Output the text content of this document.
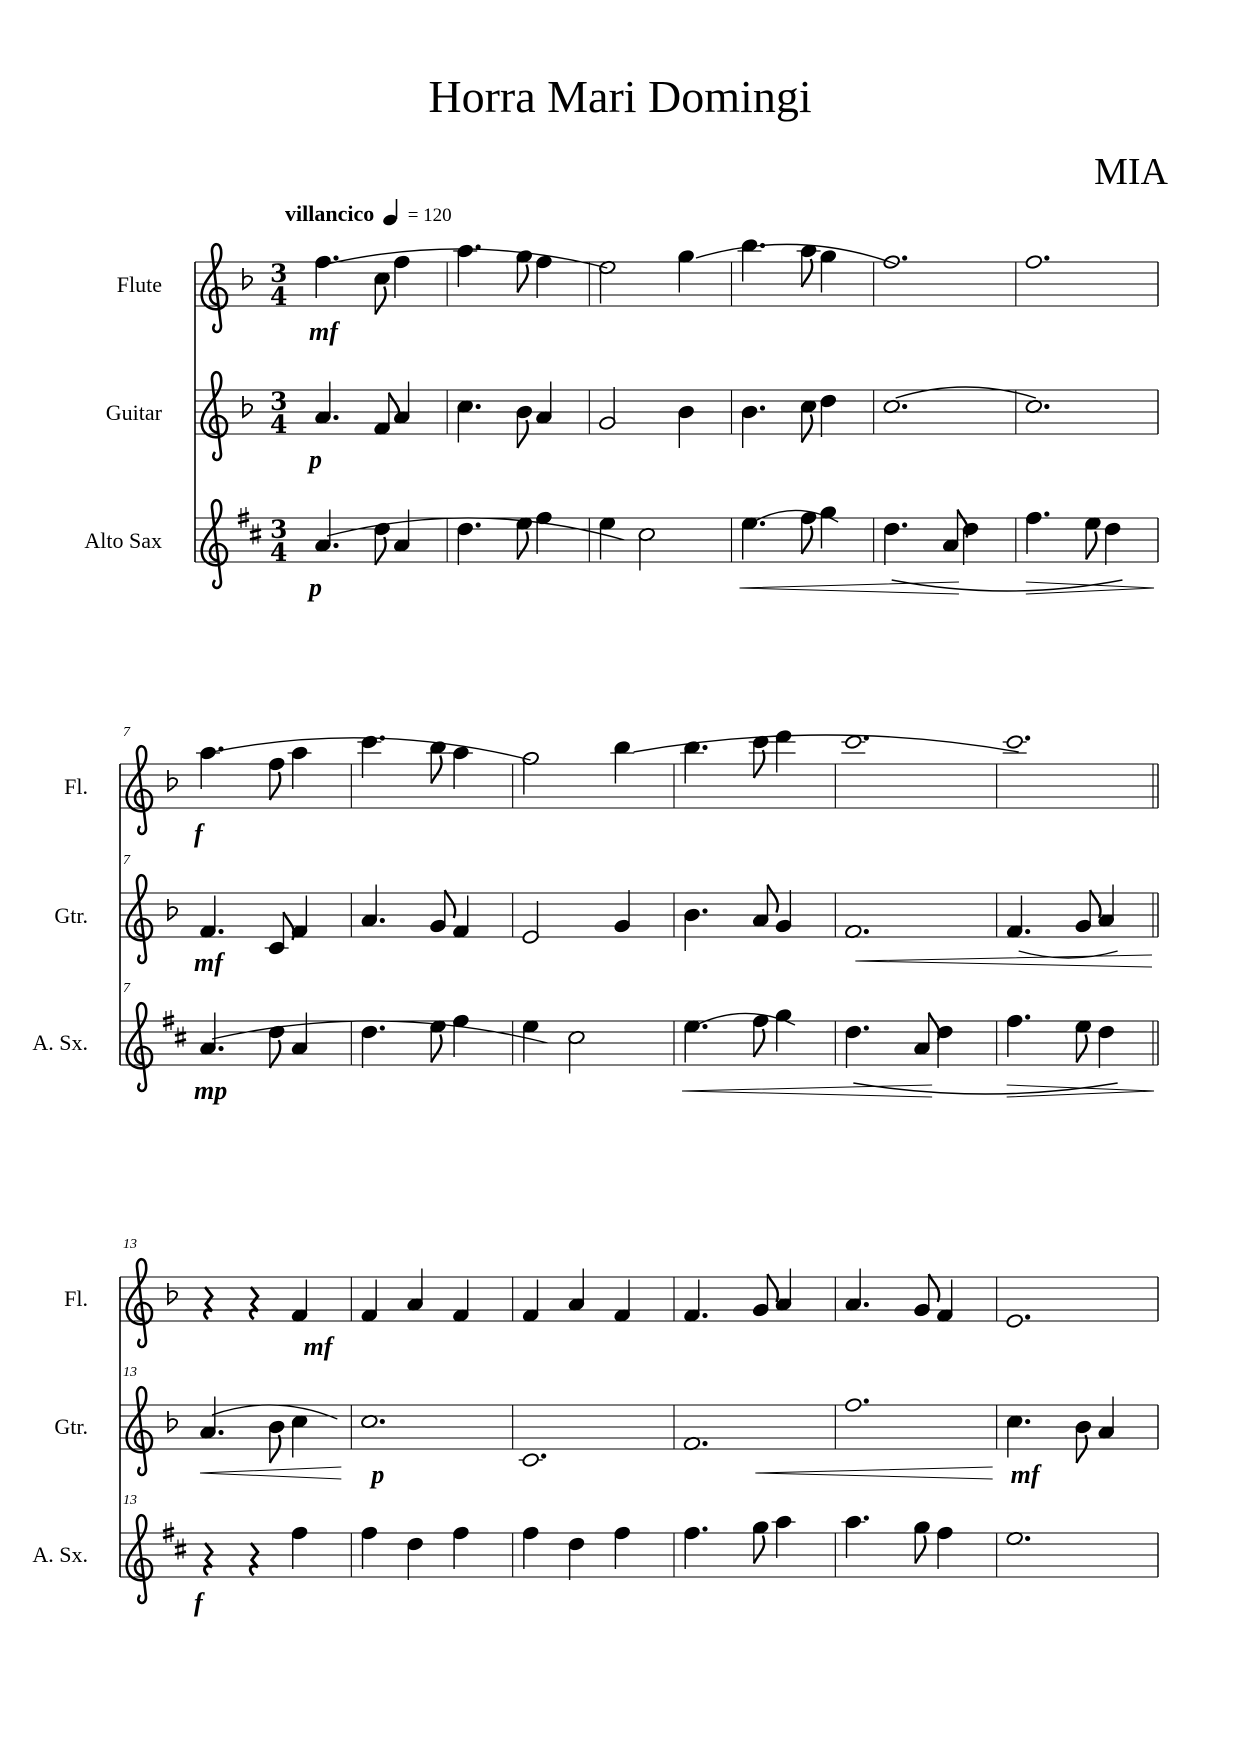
Horra Mari Domingi
MIA
villancico = 120
Flute
Guitar
Alto Sax
Fl.
Gtr.
A. Sx.
Fl.
Gtr.
A. Sx.
7
7
7
13
13
13
3
4
mf
3
4
p
3
4
p
f
mf
mp
mf
p	mf
f
